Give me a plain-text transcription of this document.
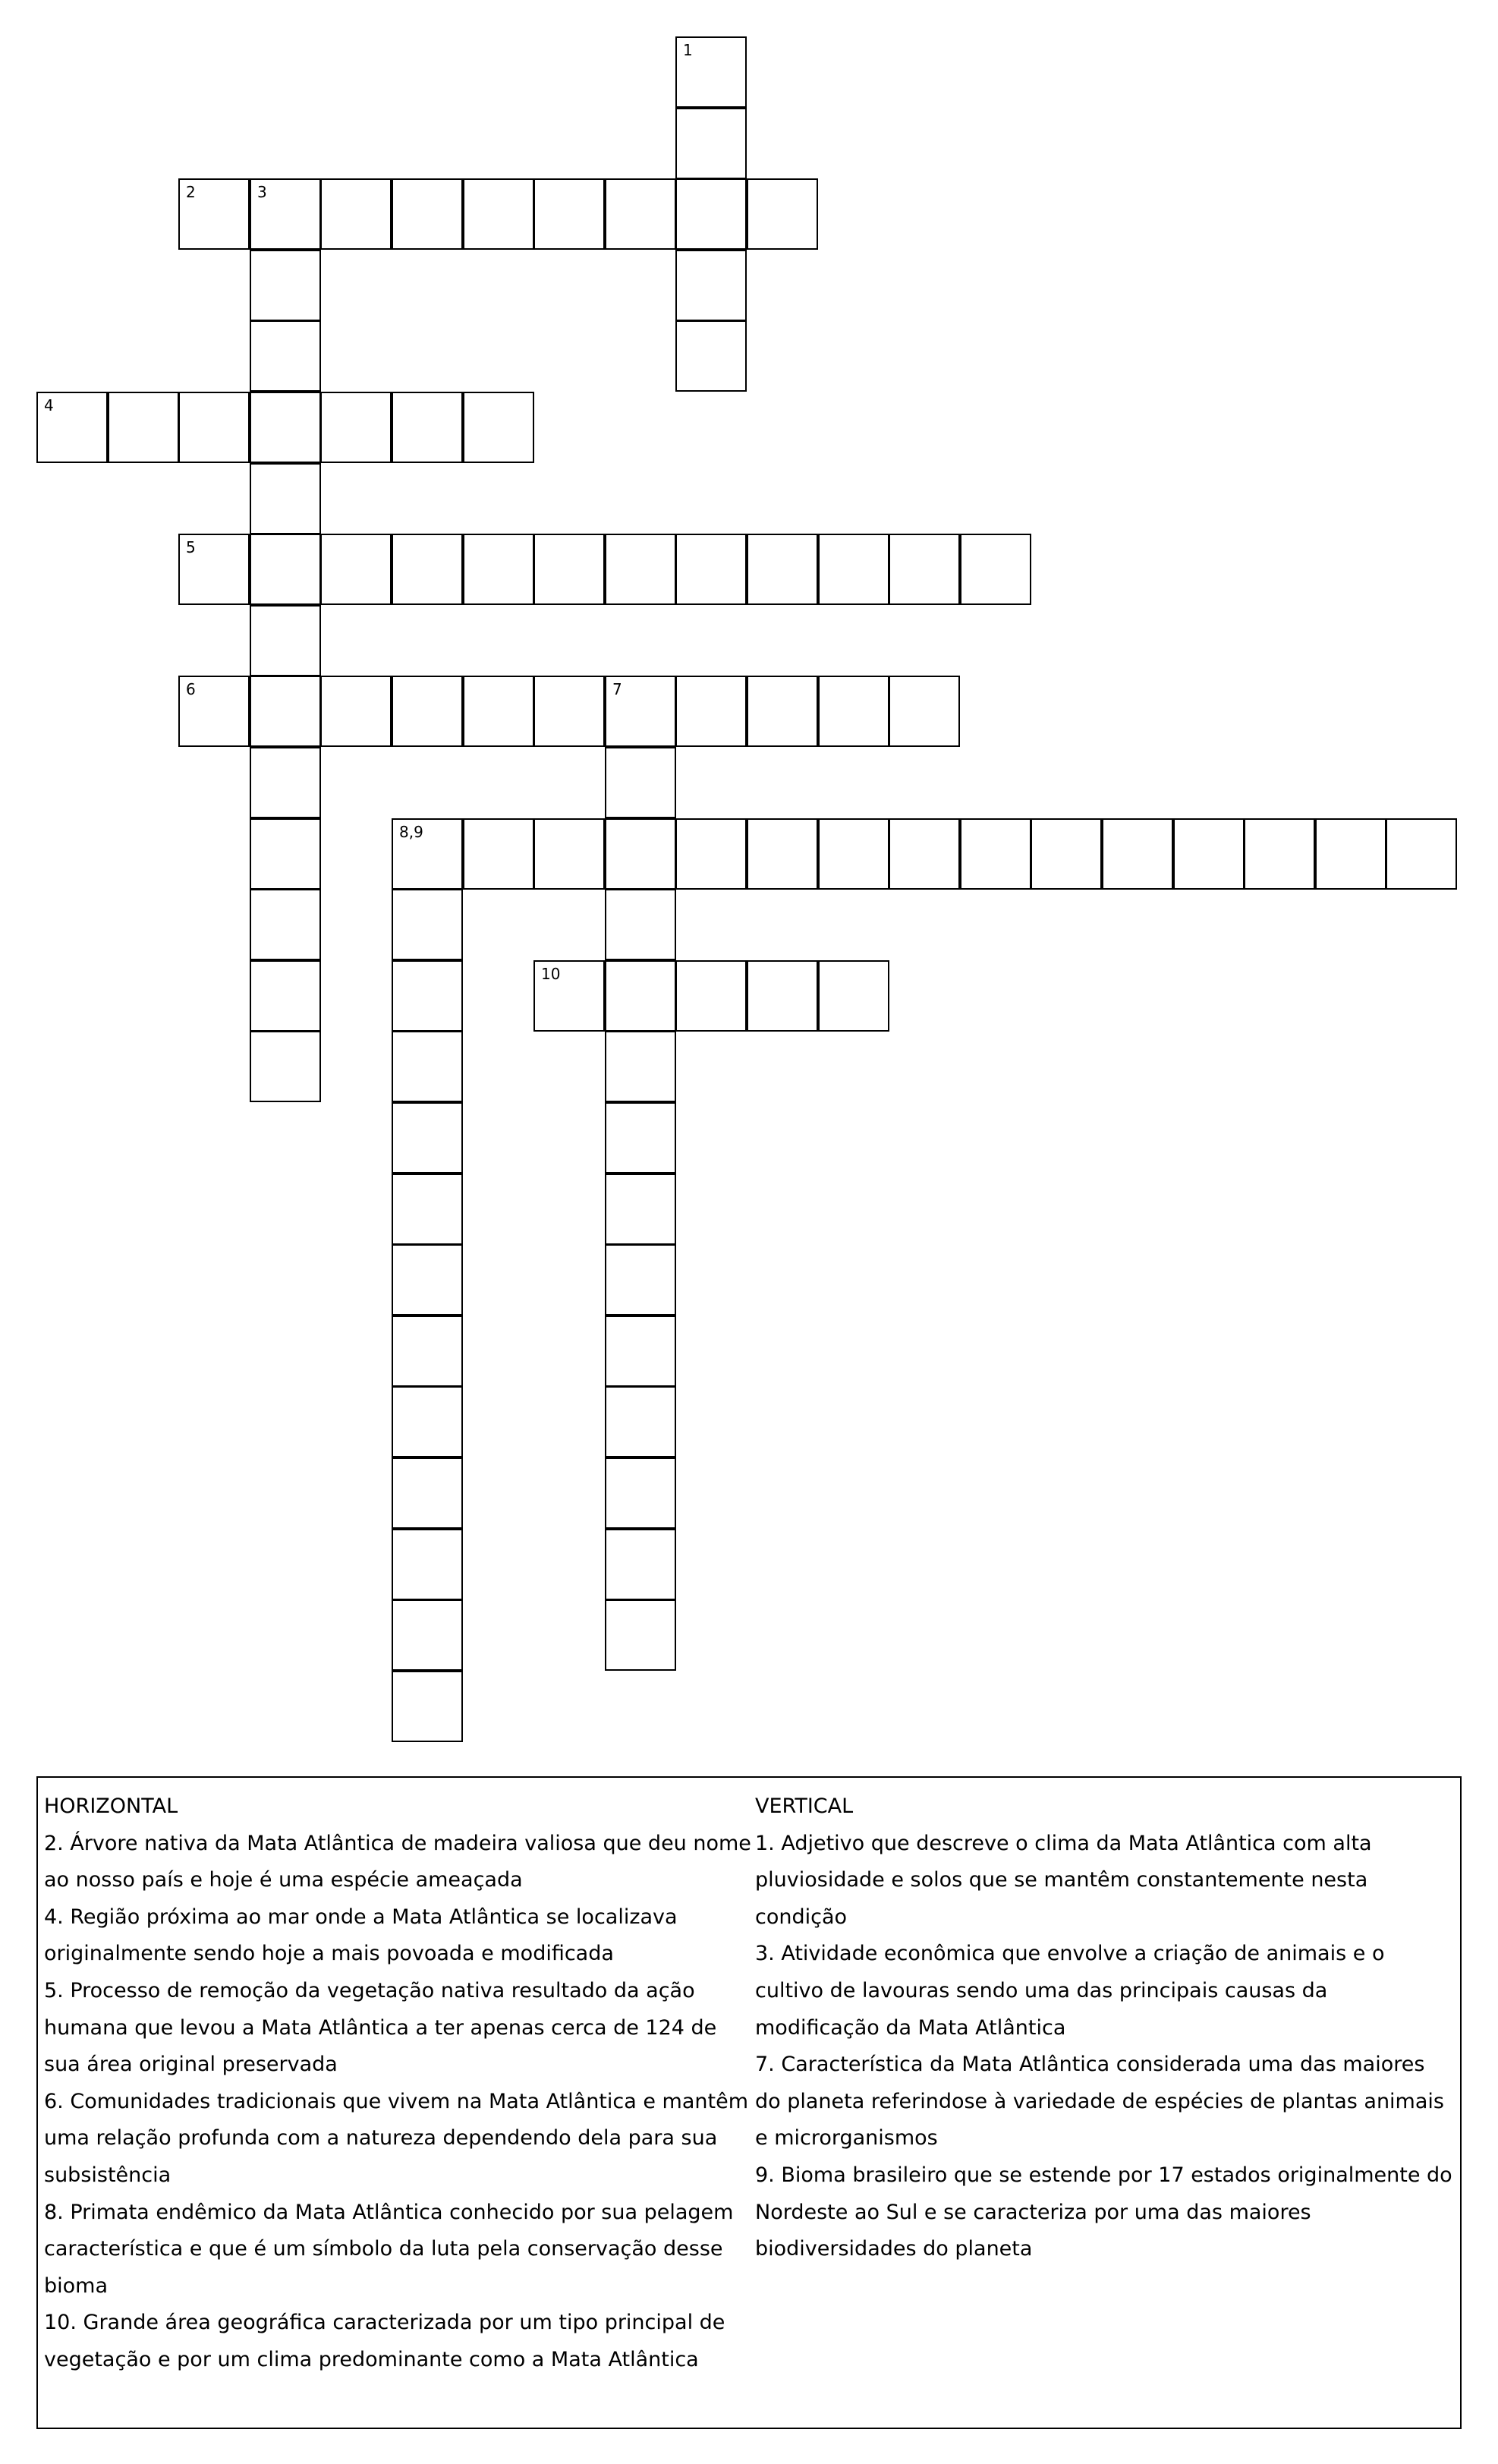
1
2	3
4
5
6	7
8,9
10

HORIZONTAL

2. Árvore nativa da Mata Atlântica de madeira valiosa que deu nome ao nosso país e hoje é uma espécie ameaçada

4. Região próxima ao mar onde a Mata Atlântica se localizava originalmente sendo hoje a mais povoada e modificada

5. Processo de remoção da vegetação nativa resultado da ação humana que levou a Mata Atlântica a ter apenas cerca de 124 de sua área original preservada

6. Comunidades tradicionais que vivem na Mata Atlântica e mantêm uma relação profunda com a natureza dependendo dela para sua subsistência

8. Primata endêmico da Mata Atlântica conhecido por sua pelagem característica e que é um símbolo da luta pela conservação desse bioma

10. Grande área geográfica caracterizada por um tipo principal de vegetação e por um clima predominante como a Mata Atlântica

VERTICAL

1. Adjetivo que descreve o clima da Mata Atlântica com alta pluviosidade e solos que se mantêm constantemente nesta condição

3. Atividade econômica que envolve a criação de animais e o cultivo de lavouras sendo uma das principais causas da modificação da Mata Atlântica

7. Característica da Mata Atlântica considerada uma das maiores do planeta referindose à variedade de espécies de plantas animais e microrganismos

9. Bioma brasileiro que se estende por 17 estados originalmente do Nordeste ao Sul e se caracteriza por uma das maiores biodiversidades do planeta
